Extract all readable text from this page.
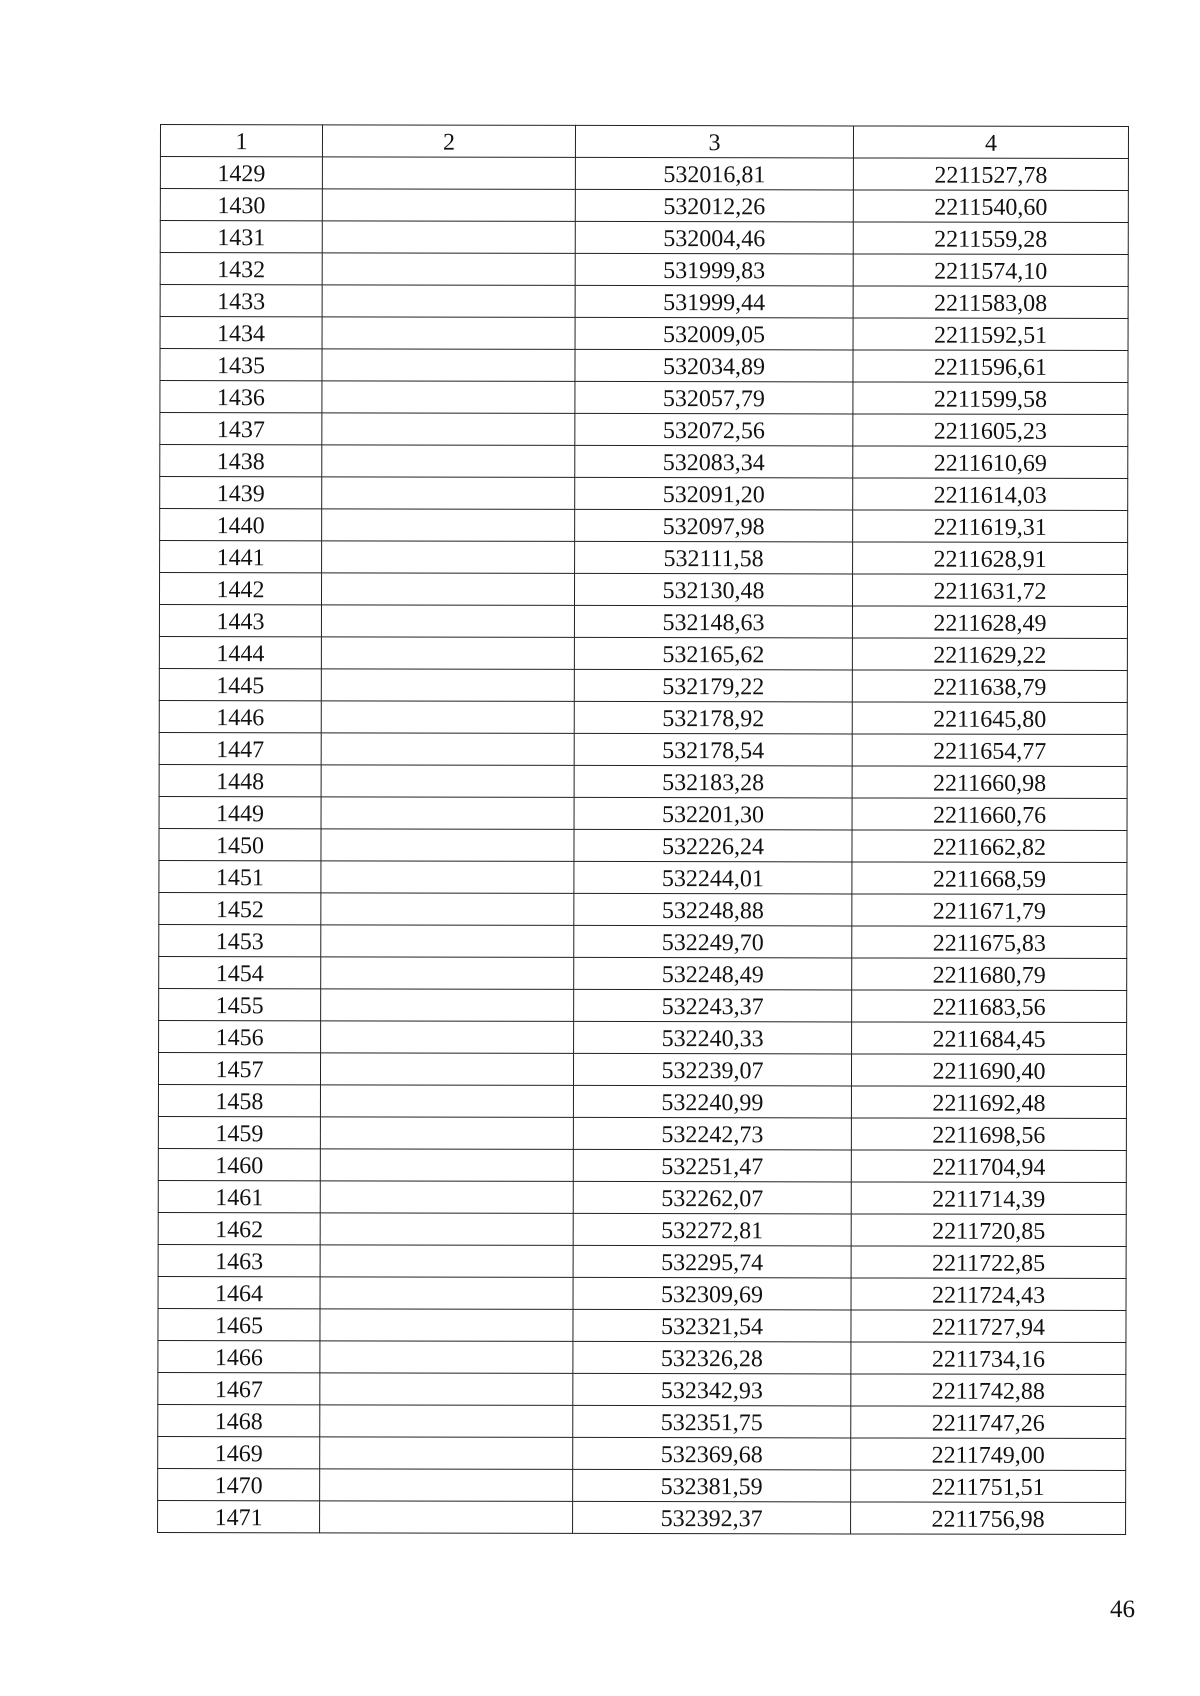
1	2	3	4
1429		532016,81	2211527,78
1430		532012,26	2211540,60
1431		532004,46	2211559,28
1432		531999,83	2211574,10
1433		531999,44	2211583,08
1434		532009,05	2211592,51
1435		532034,89	2211596,61
1436		532057,79	2211599,58
1437		532072,56	2211605,23
1438		532083,34	2211610,69
1439		532091,20	2211614,03
1440		532097,98	2211619,31
1441		532111,58	2211628,91
1442		532130,48	2211631,72
1443		532148,63	2211628,49
1444		532165,62	2211629,22
1445		532179,22	2211638,79
1446		532178,92	2211645,80
1447		532178,54	2211654,77
1448		532183,28	2211660,98
1449		532201,30	2211660,76
1450		532226,24	2211662,82
1451		532244,01	2211668,59
1452		532248,88	2211671,79
1453		532249,70	2211675,83
1454		532248,49	2211680,79
1455		532243,37	2211683,56
1456		532240,33	2211684,45
1457		532239,07	2211690,40
1458		532240,99	2211692,48
1459		532242,73	2211698,56
1460		532251,47	2211704,94
1461		532262,07	2211714,39
1462		532272,81	2211720,85
1463		532295,74	2211722,85
1464		532309,69	2211724,43
1465		532321,54	2211727,94
1466		532326,28	2211734,16
1467		532342,93	2211742,88
1468		532351,75	2211747,26
1469		532369,68	2211749,00
1470		532381,59	2211751,51
1471		532392,37	2211756,98
46
